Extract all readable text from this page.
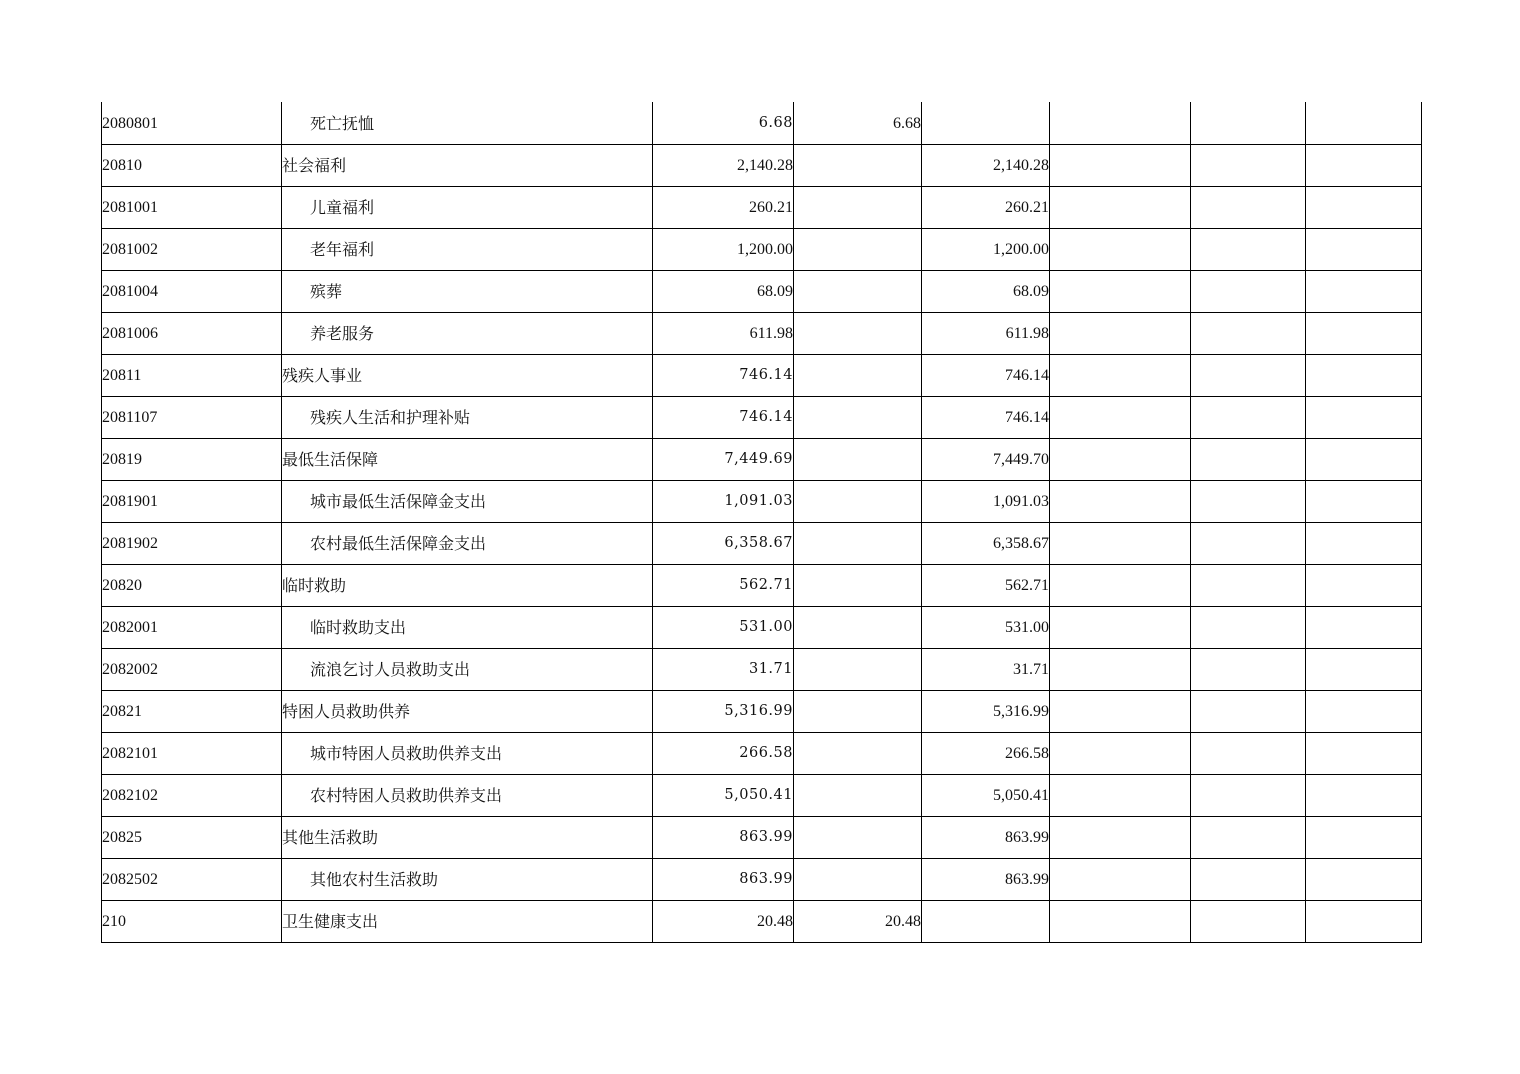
2080801	死亡抚恤	6.68	6.68				
20810	社会福利	2,140.28		2,140.28			
2081001	儿童福利	260.21		260.21			
2081002	老年福利	1,200.00		1,200.00			
2081004	殡葬	68.09		68.09			
2081006	养老服务	611.98		611.98			
20811	残疾人事业	746.14		746.14			
2081107	残疾人生活和护理补贴	746.14		746.14			
20819	最低生活保障	7,449.69		7,449.70			
2081901	城市最低生活保障金支出	1,091.03		1,091.03			
2081902	农村最低生活保障金支出	6,358.67		6,358.67			
20820	临时救助	562.71		562.71			
2082001	临时救助支出	531.00		531.00			
2082002	流浪乞讨人员救助支出	31.71		31.71			
20821	特困人员救助供养	5,316.99		5,316.99			
2082101	城市特困人员救助供养支出	266.58		266.58			
2082102	农村特困人员救助供养支出	5,050.41		5,050.41			
20825	其他生活救助	863.99		863.99			
2082502	其他农村生活救助	863.99		863.99			
210	卫生健康支出	20.48	20.48				
